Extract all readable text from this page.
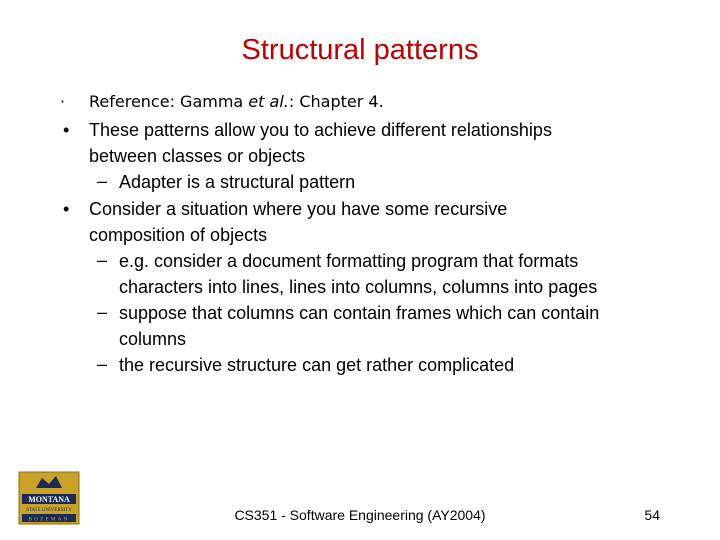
Structural patterns
· Reference: Gamma et al.: Chapter 4.
• These patterns allow you to achieve different relationships
between classes or objects
– Adapter is a structural pattern
• Consider a situation where you have some recursive
composition of objects
– e.g. consider a document formatting program that formats
characters into lines, lines into columns, columns into pages
– suppose that columns can contain frames which can contain
columns
– the recursive structure can get rather complicated
MONTANA
STATE UNIVERSITY
BOZEMAN	CS351 - Software Engineering (AY2004)	54
